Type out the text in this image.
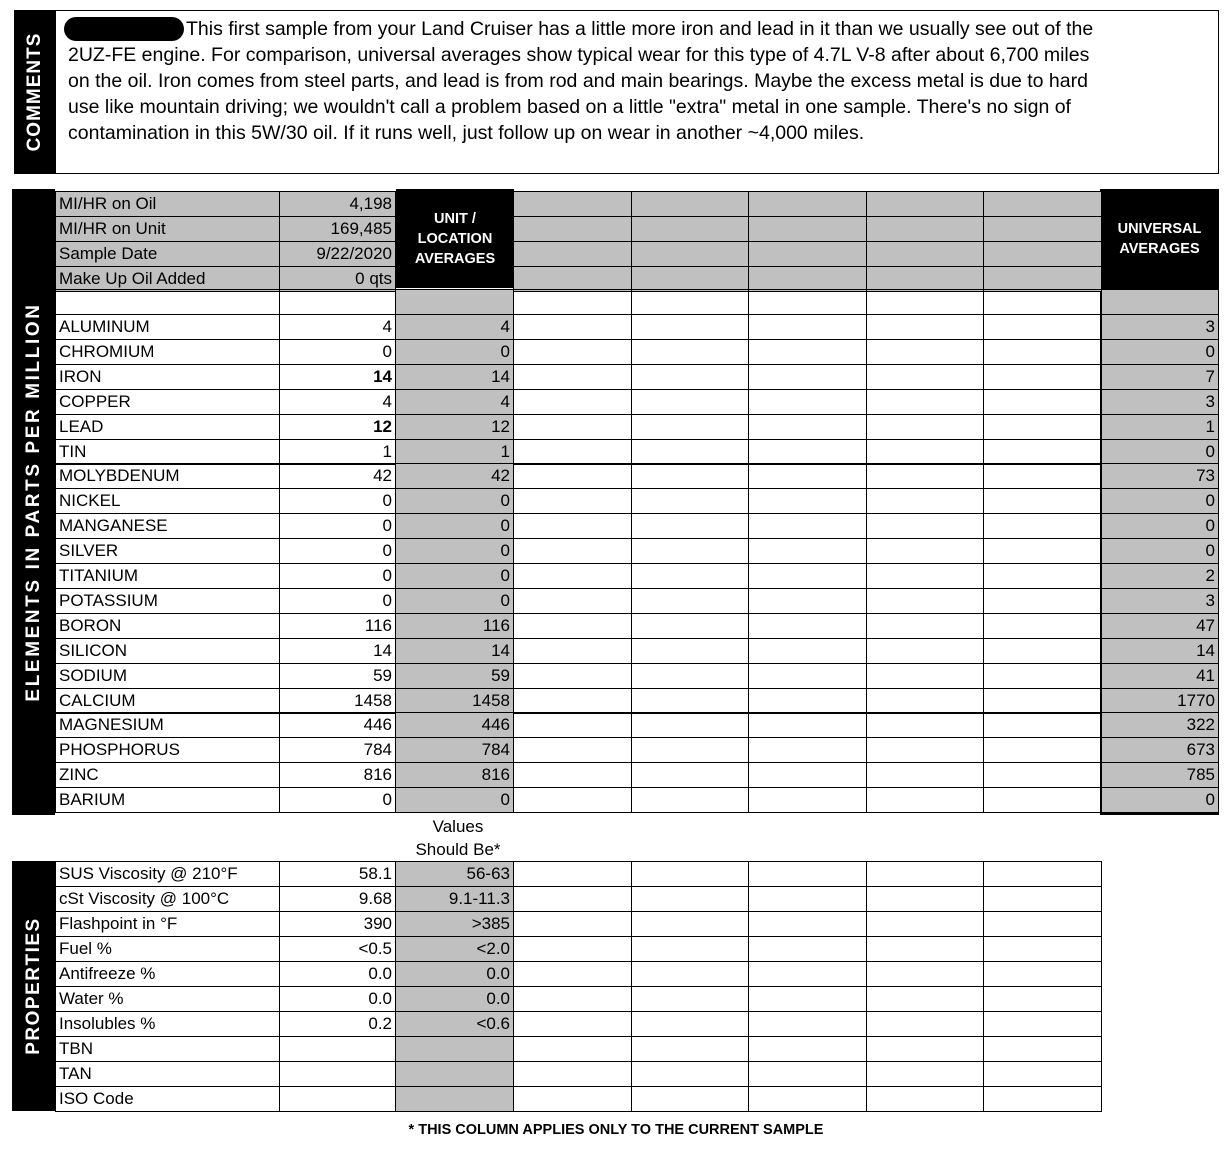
COMMENTS
This first sample from your Land Cruiser has a little more iron and lead in it than we usually see out of the 2UZ-FE engine. For comparison, universal averages show typical wear for this type of 4.7L V-8 after about 6,700 miles on the oil. Iron comes from steel parts, and lead is from rod and main bearings. Maybe the excess metal is due to hard use like mountain driving; we wouldn't call a problem based on a little "extra" metal in one sample. There's no sign of contamination in this 5W/30 oil. If it runs well, just follow up on wear in another ~4,000 miles.
ELEMENTS IN PARTS PER MILLION
UNIT / LOCATION AVERAGES
UNIVERSAL AVERAGES
MI/HR on Oil	4,198
MI/HR on Unit	169,485
Sample Date	9/22/2020
Make Up Oil Added	0 qts
ALUMINUM	4	4	3
CHROMIUM	0	0	0
IRON	14	14	7
COPPER	4	4	3
LEAD	12	12	1
TIN	1	1	0
MOLYBDENUM	42	42	73
NICKEL	0	0	0
MANGANESE	0	0	0
SILVER	0	0	0
TITANIUM	0	0	2
POTASSIUM	0	0	3
BORON	116	116	47
SILICON	14	14	14
SODIUM	59	59	41
CALCIUM	1458	1458	1770
MAGNESIUM	446	446	322
PHOSPHORUS	784	784	673
ZINC	816	816	785
BARIUM	0	0	0
Values
Should Be*
PROPERTIES
SUS Viscosity @ 210°F	58.1	56-63
cSt Viscosity @ 100°C	9.68	9.1-11.3
Flashpoint in °F	390	>385
Fuel %	<0.5	<2.0
Antifreeze %	0.0	0.0
Water %	0.0	0.0
Insolubles %	0.2	<0.6
TBN
TAN
ISO Code
* THIS COLUMN APPLIES ONLY TO THE CURRENT SAMPLE
